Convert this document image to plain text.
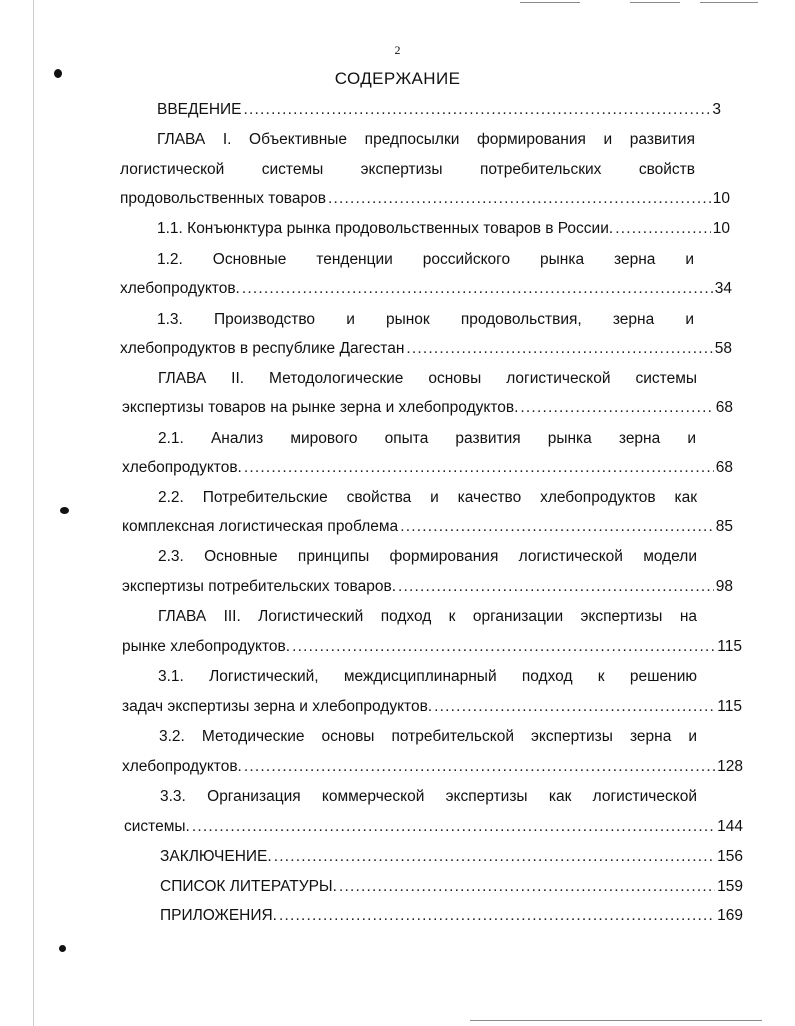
2
СОДЕРЖАНИЕ
ВВЕДЕНИЕ .....	3
ГЛАВА I. Объективные предпосылки формирования и развития
логистической системы экспертизы потребительских свойств
продовольственных товаров .....	10
1.1. Конъюнктура рынка продовольственных товаров в России. .....	10
1.2. Основные тенденции российского рынка зерна и
хлебопродуктов. .....	34
1.3. Производство и рынок продовольствия, зерна и
хлебопродуктов в республике Дагестан .....	58
ГЛАВА II. Методологические основы логистической системы
экспертизы товаров на рынке зерна и хлебопродуктов. .....	68
2.1. Анализ мирового опыта развития рынка зерна и
хлебопродуктов. .....	68
2.2. Потребительские свойства и качество хлебопродуктов как
комплексная логистическая проблема .....	85
2.3. Основные принципы формирования логистической модели
экспертизы потребительских товаров. .....	98
ГЛАВА III. Логистический подход к организации экспертизы на
рынке хлебопродуктов. .....	115
3.1. Логистический, междисциплинарный подход к решению
задач экспертизы зерна и хлебопродуктов. .....	115
3.2. Методические основы потребительской экспертизы зерна и
хлебопродуктов. .....	128
3.3. Организация коммерческой экспертизы как логистической
системы. .....	144
ЗАКЛЮЧЕНИЕ. .....	156
СПИСОК ЛИТЕРАТУРЫ. .....	159
ПРИЛОЖЕНИЯ. .....	169
